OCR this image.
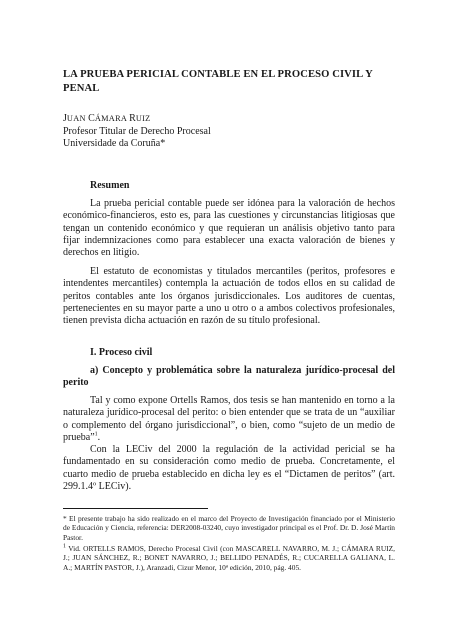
LA PRUEBA PERICIAL CONTABLE EN EL PROCESO CIVIL Y PENAL
JUAN CÁMARA RUIZ
Profesor Titular de Derecho Procesal
Universidade da Coruña*
Resumen
La prueba pericial contable puede ser idónea para la valoración de hechos económico-financieros, esto es, para las cuestiones y circunstancias litigiosas que tengan un contenido económico y que requieran un análisis objetivo tanto para fijar indemnizaciones como para establecer una exacta valoración de bienes y derechos en litigio.
El estatuto de economistas y titulados mercantiles (peritos, profesores e intendentes mercantiles) contempla la actuación de todos ellos en su calidad de peritos contables ante los órganos jurisdiccionales. Los auditores de cuentas, pertenecientes en su mayor parte a uno u otro o a ambos colectivos profesionales, tienen prevista dicha actuación en razón de su título profesional.
I. Proceso civil
a) Concepto y problemática sobre la naturaleza jurídico-procesal del perito
Tal y como expone Ortells Ramos, dos tesis se han mantenido en torno a la naturaleza jurídico-procesal del perito: o bien entender que se trata de un “auxiliar o complemento del órgano jurisdiccional”, o bien, como “sujeto de un medio de prueba”$^1$.
Con la LECiv del 2000 la regulación de la actividad pericial se ha fundamentado en su consideración como medio de prueba. Concretamente, el cuarto medio de prueba establecido en dicha ley es el “Dictamen de peritos” (art. 299.1.4º LECiv).
* El presente trabajo ha sido realizado en el marco del Proyecto de Investigación financiado por el Ministerio de Educación y Ciencia, referencia: DER2008-03240, cuyo investigador principal es el Prof. Dr. D. José Martín Pastor.
$^1$ Vid. ORTELLS RAMOS, Derecho Procesal Civil (con MASCARELL NAVARRO, M. J.; CÁMARA RUIZ, J.; JUAN SÁNCHEZ, R.; BONET NAVARRO, J.; BELLIDO PENADÉS, R.; CUCARELLA GALIANA, L. A.; MARTÍN PASTOR, J.), Aranzadi, Cizur Menor, 10ª edición, 2010, pág. 405.
